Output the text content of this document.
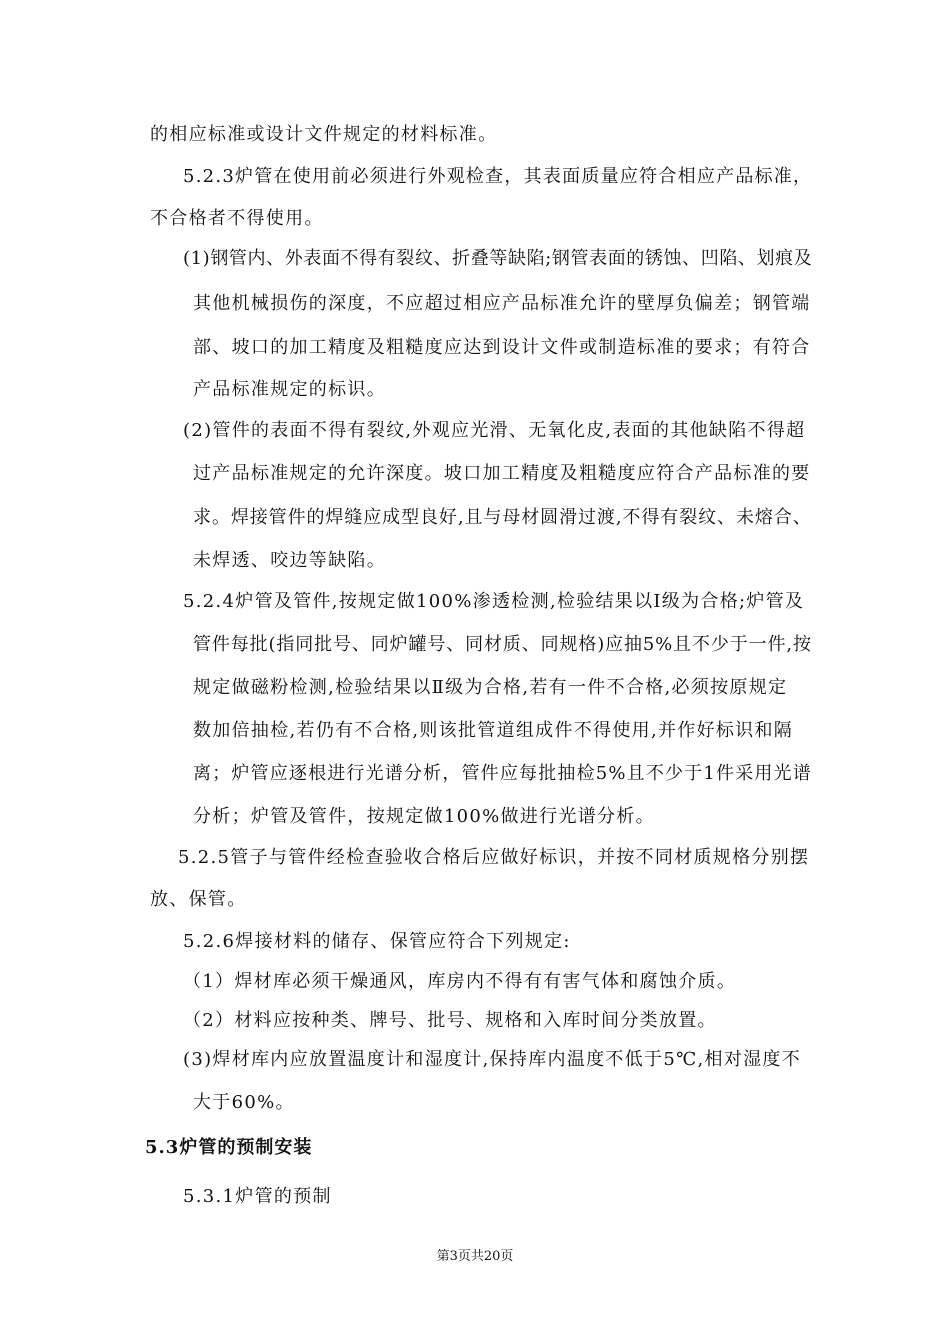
的相应标准或设计文件规定的材料标准。
5.2.3炉管在使用前必须进行外观检查，其表面质量应符合相应产品标准，
不合格者不得使用。
(1)钢管内、外表面不得有裂纹、折叠等缺陷;钢管表面的锈蚀、凹陷、划痕及
其他机械损伤的深度，不应超过相应产品标准允许的壁厚负偏差；钢管端
部、坡口的加工精度及粗糙度应达到设计文件或制造标准的要求；有符合
产品标准规定的标识。
(2)管件的表面不得有裂纹,外观应光滑、无氧化皮,表面的其他缺陷不得超
过产品标准规定的允许深度。坡口加工精度及粗糙度应符合产品标准的要
求。焊接管件的焊缝应成型良好,且与母材圆滑过渡,不得有裂纹、未熔合、
未焊透、咬边等缺陷。
5.2.4炉管及管件,按规定做100%渗透检测,检验结果以Ⅰ级为合格;炉管及
管件每批(指同批号、同炉罐号、同材质、同规格)应抽5%且不少于一件,按
规定做磁粉检测,检验结果以Ⅱ级为合格,若有一件不合格,必须按原规定
数加倍抽检,若仍有不合格,则该批管道组成件不得使用,并作好标识和隔
离；炉管应逐根进行光谱分析，管件应每批抽检5%且不少于1件采用光谱
分析；炉管及管件，按规定做100%做进行光谱分析。
5.2.5管子与管件经检查验收合格后应做好标识，并按不同材质规格分别摆
放、保管。
5.2.6焊接材料的储存、保管应符合下列规定:
（1）焊材库必须干燥通风，库房内不得有有害气体和腐蚀介质。
（2）材料应按种类、牌号、批号、规格和入库时间分类放置。
(3)焊材库内应放置温度计和湿度计,保持库内温度不低于5℃,相对湿度不
大于60%。
5.3炉管的预制安装
5.3.1炉管的预制
第3页共20页
